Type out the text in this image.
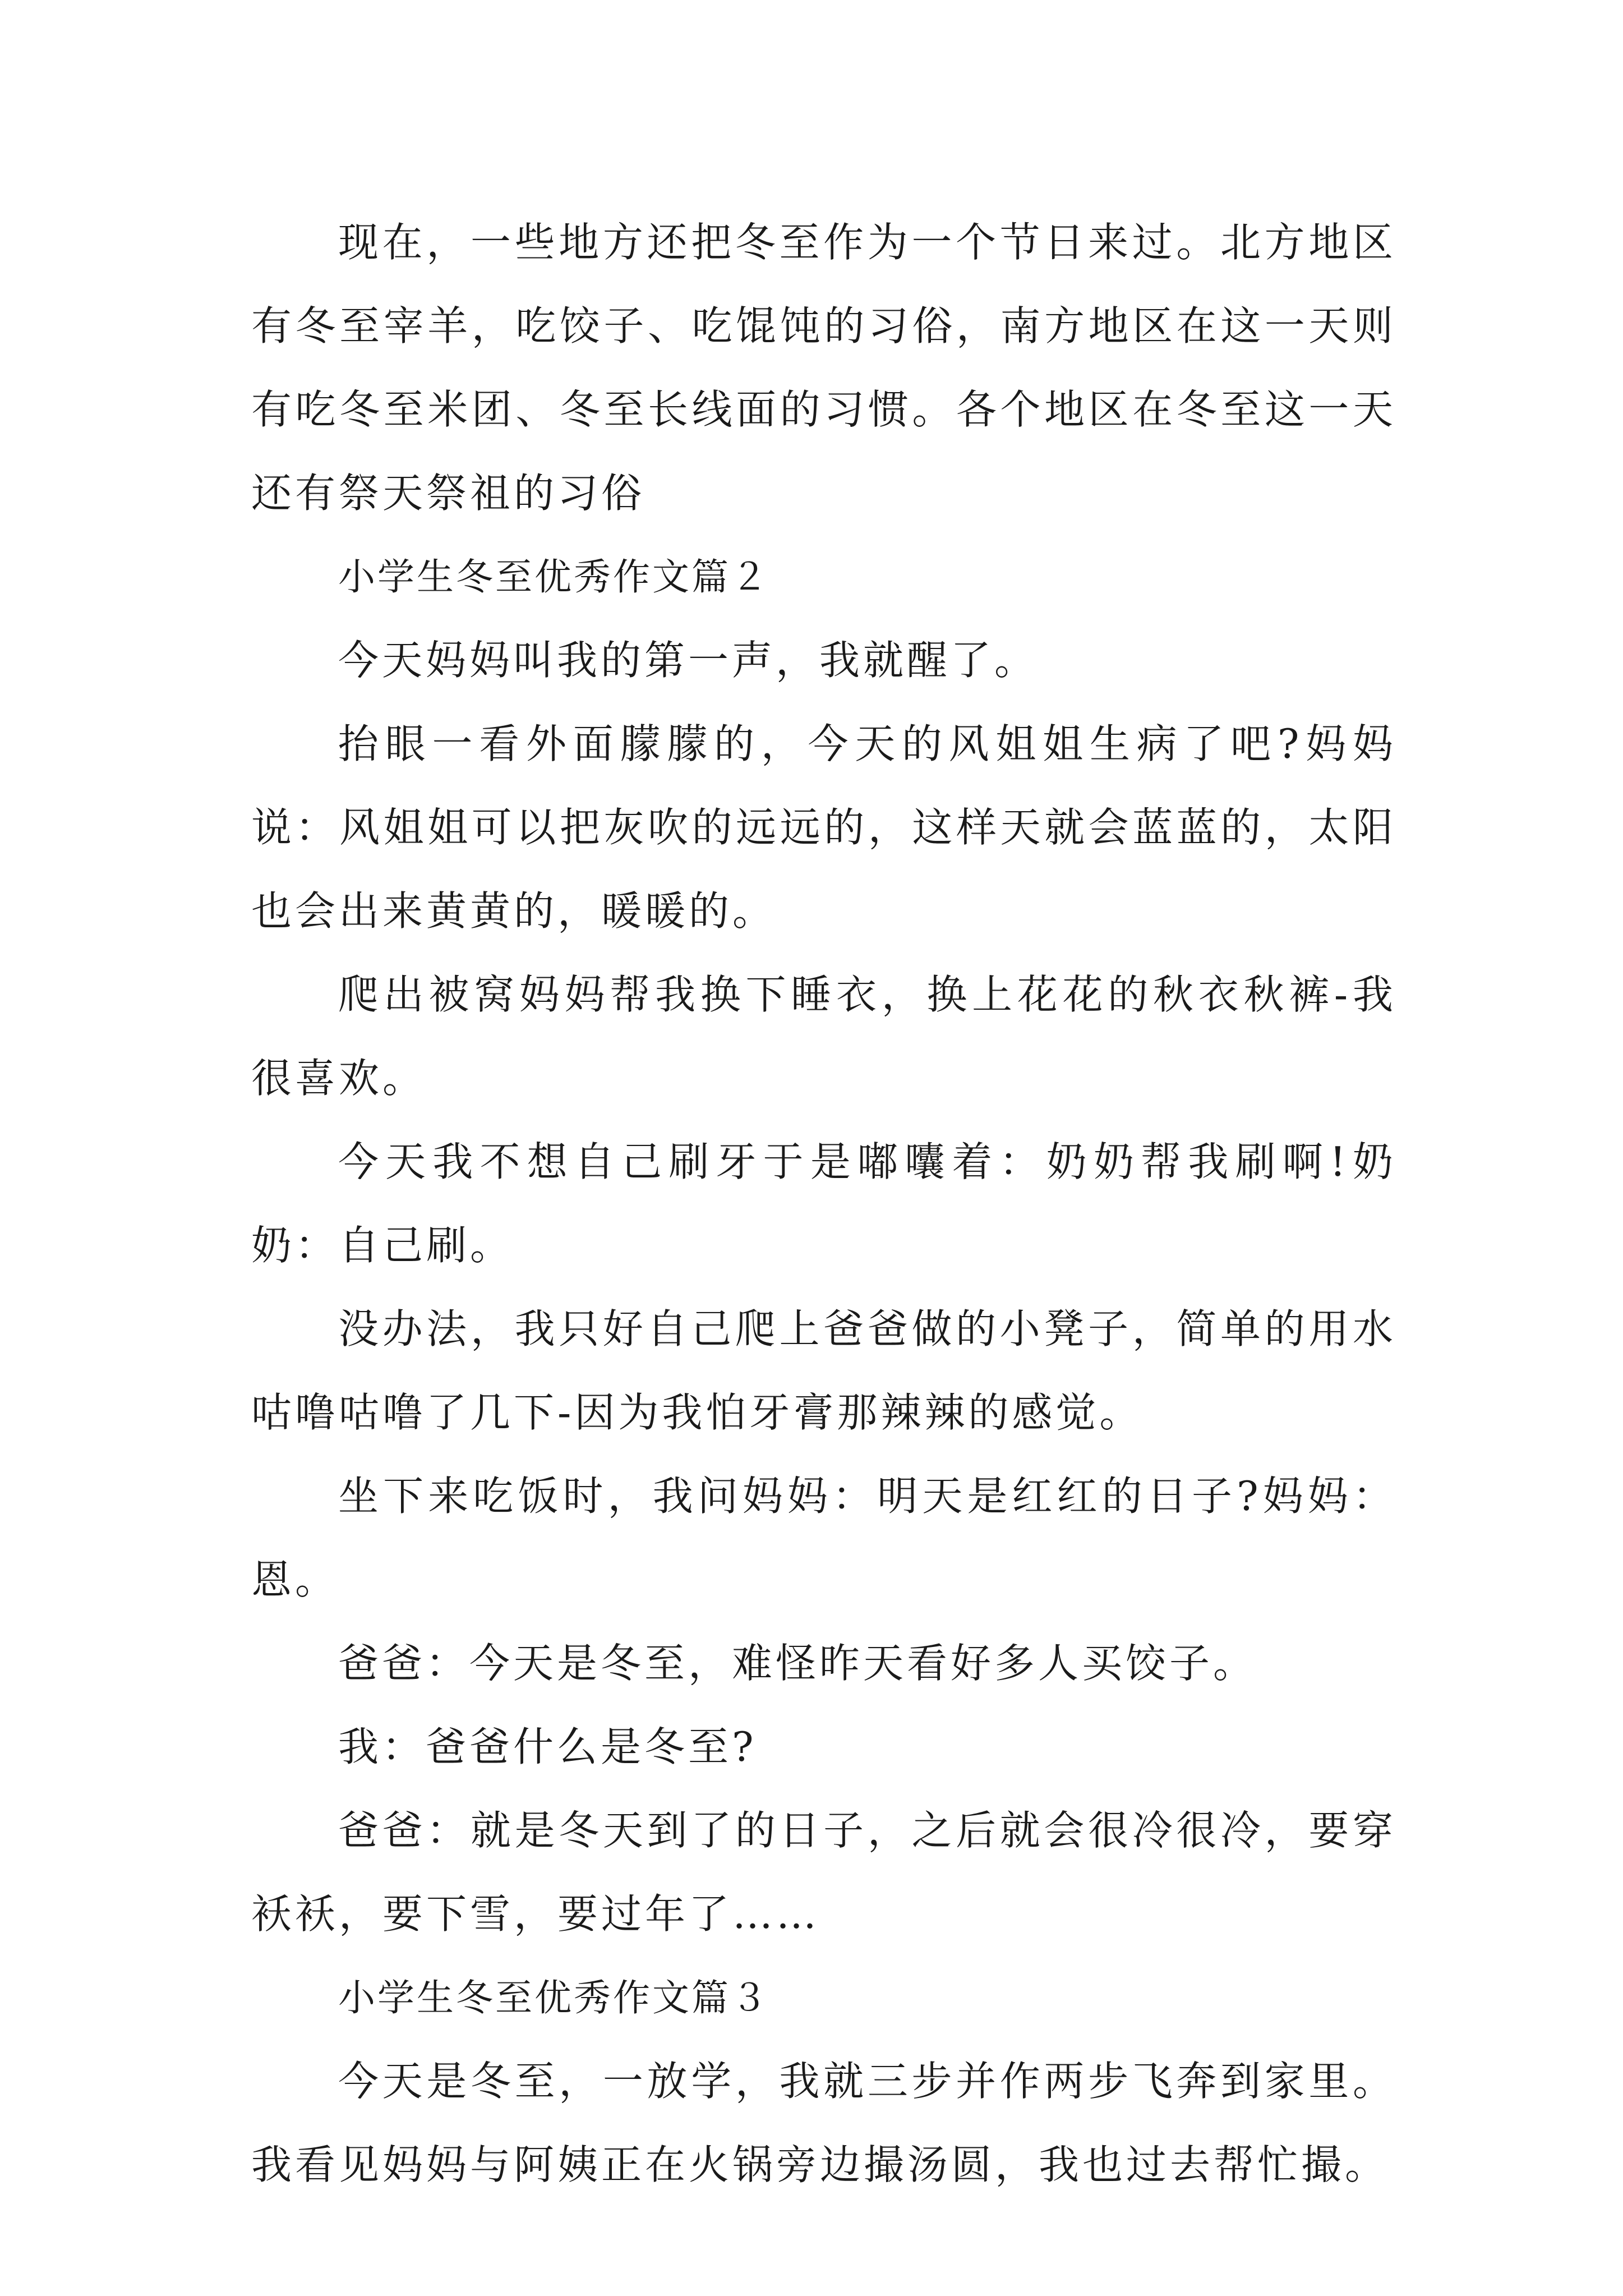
现在，一些地方还把冬至作为一个节日来过。北方地区有冬至宰羊，吃饺子、吃馄饨的习俗，南方地区在这一天则有吃冬至米团、冬至长线面的习惯。各个地区在冬至这一天还有祭天祭祖的习俗

小学生冬至优秀作文篇２

今天妈妈叫我的第一声，我就醒了。

抬眼一看外面朦朦的，今天的风姐姐生病了吧?妈妈说：风姐姐可以把灰吹的远远的，这样天就会蓝蓝的，太阳也会出来黄黄的，暖暖的。

爬出被窝妈妈帮我换下睡衣，换上花花的秋衣秋裤-我很喜欢。

今天我不想自己刷牙于是嘟囔着：奶奶帮我刷啊!奶奶：自己刷。

没办法，我只好自己爬上爸爸做的小凳子，简单的用水咕噜咕噜了几下-因为我怕牙膏那辣辣的感觉。

坐下来吃饭时，我问妈妈：明天是红红的日子?妈妈：恩。

爸爸：今天是冬至，难怪昨天看好多人买饺子。

我：爸爸什么是冬至?

爸爸：就是冬天到了的日子，之后就会很冷很冷，要穿袄袄，要下雪，要过年了……

小学生冬至优秀作文篇３

今天是冬至，一放学，我就三步并作两步飞奔到家里。我看见妈妈与阿姨正在火锅旁边撮汤圆，我也过去帮忙撮。
